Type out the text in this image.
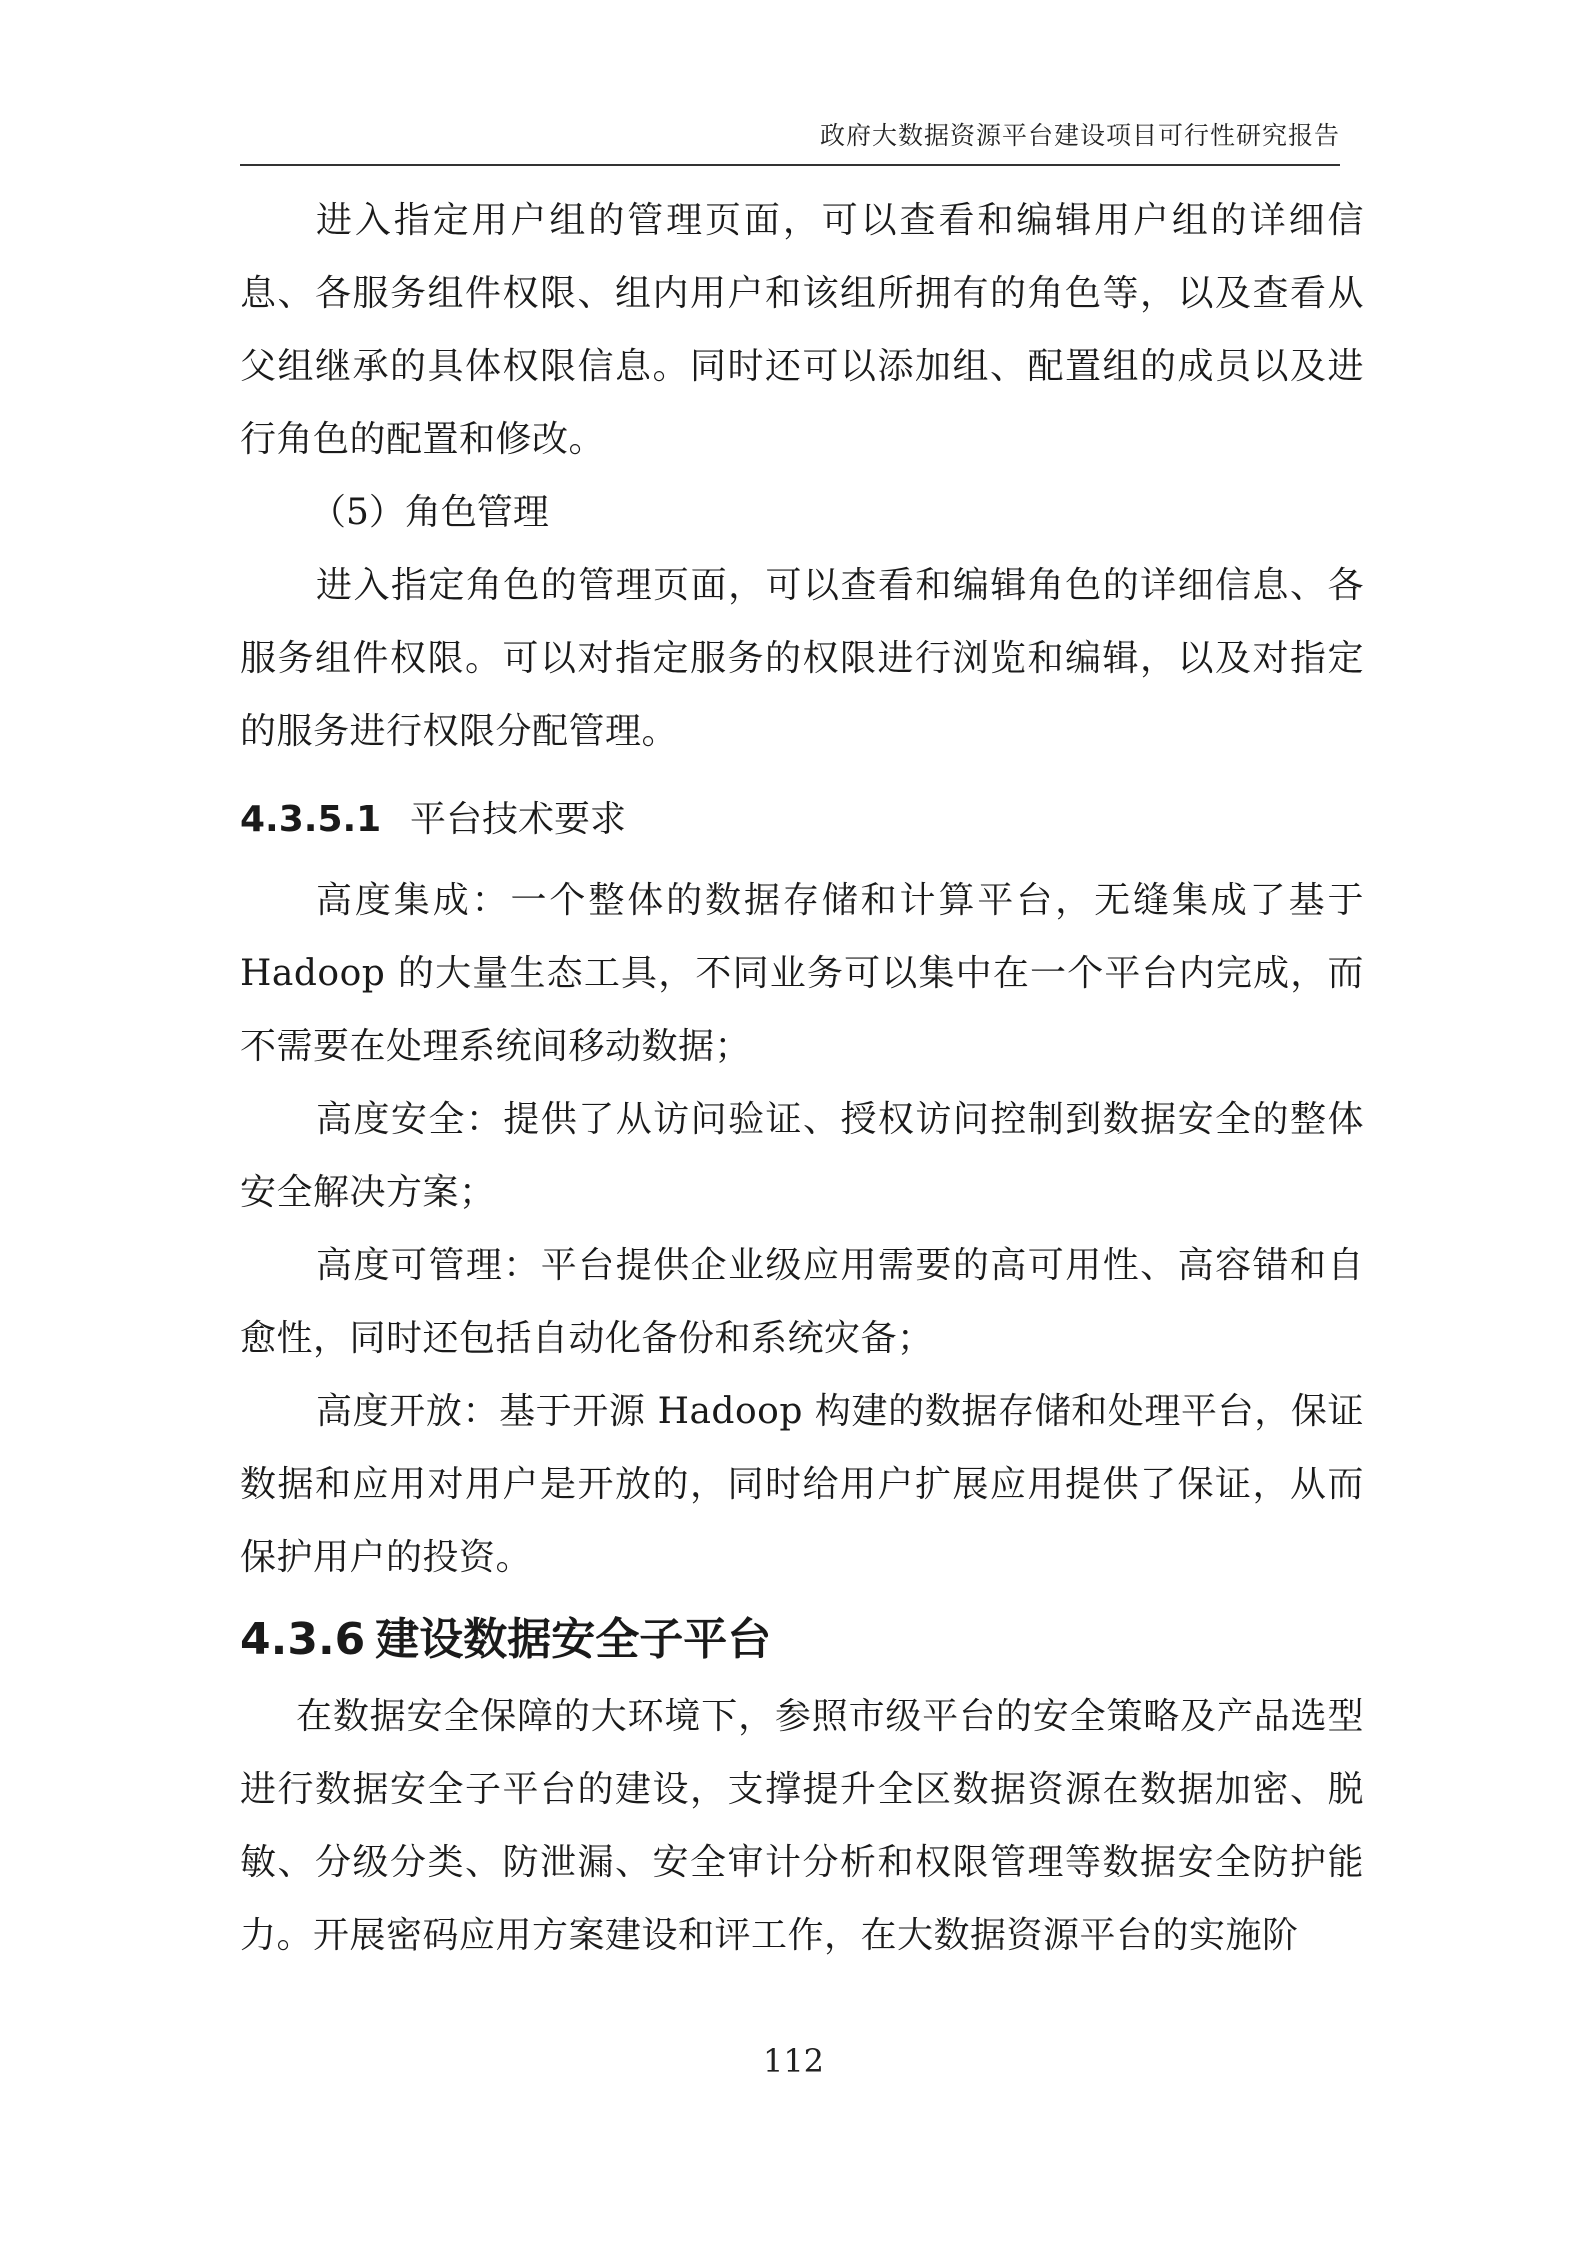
政府大数据资源平台建设项目可行性研究报告

进入指定用户组的管理页面，可以查看和编辑用户组的详细信息、各服务组件权限、组内用户和该组所拥有的角色等，以及查看从父组继承的具体权限信息。同时还可以添加组、配置组的成员以及进行角色的配置和修改。

（5）角色管理

进入指定角色的管理页面，可以查看和编辑角色的详细信息、各服务组件权限。可以对指定服务的权限进行浏览和编辑，以及对指定的服务进行权限分配管理。

4.3.5.1 平台技术要求

高度集成：一个整体的数据存储和计算平台，无缝集成了基于Hadoop 的大量生态工具，不同业务可以集中在一个平台内完成，而不需要在处理系统间移动数据；

高度安全：提供了从访问验证、授权访问控制到数据安全的整体安全解决方案；

高度可管理：平台提供企业级应用需要的高可用性、高容错和自愈性，同时还包括自动化备份和系统灾备；

高度开放：基于开源 Hadoop 构建的数据存储和处理平台，保证数据和应用对用户是开放的，同时给用户扩展应用提供了保证，从而保护用户的投资。

4.3.6 建设数据安全子平台

在数据安全保障的大环境下，参照市级平台的安全策略及产品选型进行数据安全子平台的建设，支撑提升全区数据资源在数据加密、脱敏、分级分类、防泄漏、安全审计分析和权限管理等数据安全防护能力。开展密码应用方案建设和评工作，在大数据资源平台的实施阶

112
